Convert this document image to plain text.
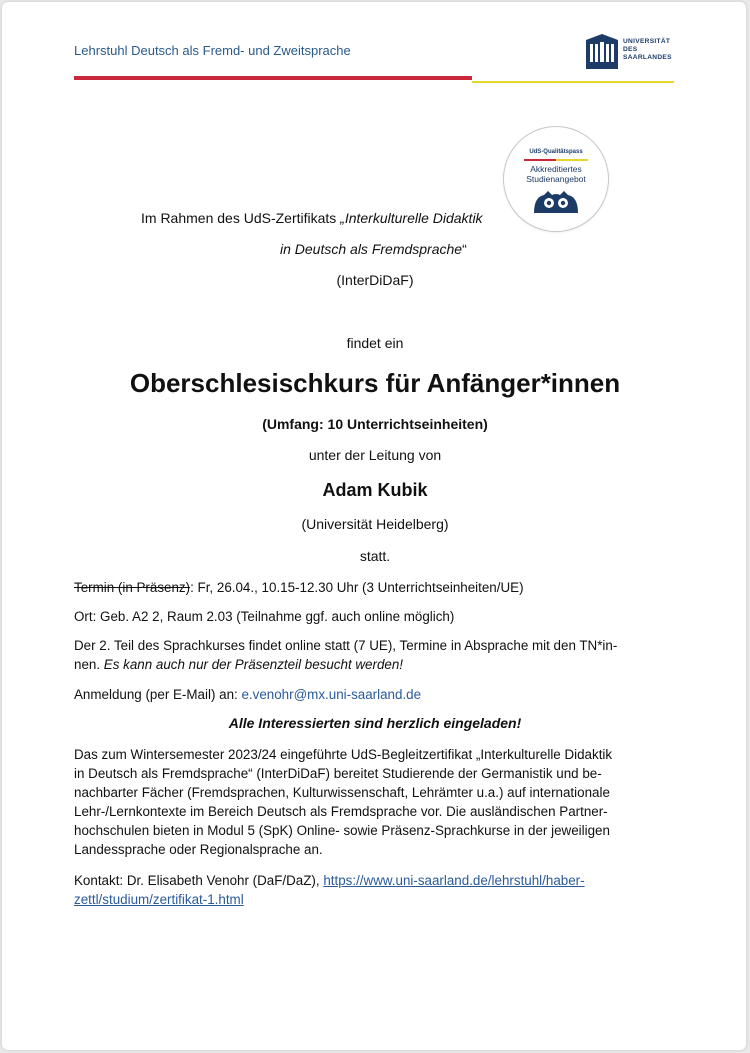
Lehrstuhl Deutsch als Fremd- und Zweitsprache
UNIVERSITÄT
DES
SAARLANDES
UdS-Qualitätspass
Akkreditiertes
Studienangebot
Im Rahmen des UdS-Zertifikats „Interkulturelle Didaktik
in Deutsch als Fremdsprache“
(InterDiDaF)
findet ein
Oberschlesischkurs für Anfänger*innen
(Umfang: 10 Unterrichtseinheiten)
unter der Leitung von
Adam Kubik
(Universität Heidelberg)
statt.
Termin (in Präsenz): Fr, 26.04., 10.15-12.30 Uhr (3 Unterrichtseinheiten/UE)
Ort: Geb. A2 2, Raum 2.03 (Teilnahme ggf. auch online möglich)
Der 2. Teil des Sprachkurses findet online statt (7 UE), Termine in Absprache mit den TN*in-
nen. Es kann auch nur der Präsenzteil besucht werden!
Anmeldung (per E-Mail) an: e.venohr@mx.uni-saarland.de
Alle Interessierten sind herzlich eingeladen!
Das zum Wintersemester 2023/24 eingeführte UdS-Begleitzertifikat „Interkulturelle Didaktik
in Deutsch als Fremdsprache“ (InterDiDaF) bereitet Studierende der Germanistik und be-
nachbarter Fächer (Fremdsprachen, Kulturwissenschaft, Lehrämter u.a.) auf internationale
Lehr-/Lernkontexte im Bereich Deutsch als Fremdsprache vor. Die ausländischen Partner-
hochschulen bieten in Modul 5 (SpK) Online- sowie Präsenz-Sprachkurse in der jeweiligen
Landessprache oder Regionalsprache an.
Kontakt: Dr. Elisabeth Venohr (DaF/DaZ), https://www.uni-saarland.de/lehrstuhl/haber-
zettl/studium/zertifikat-1.html
